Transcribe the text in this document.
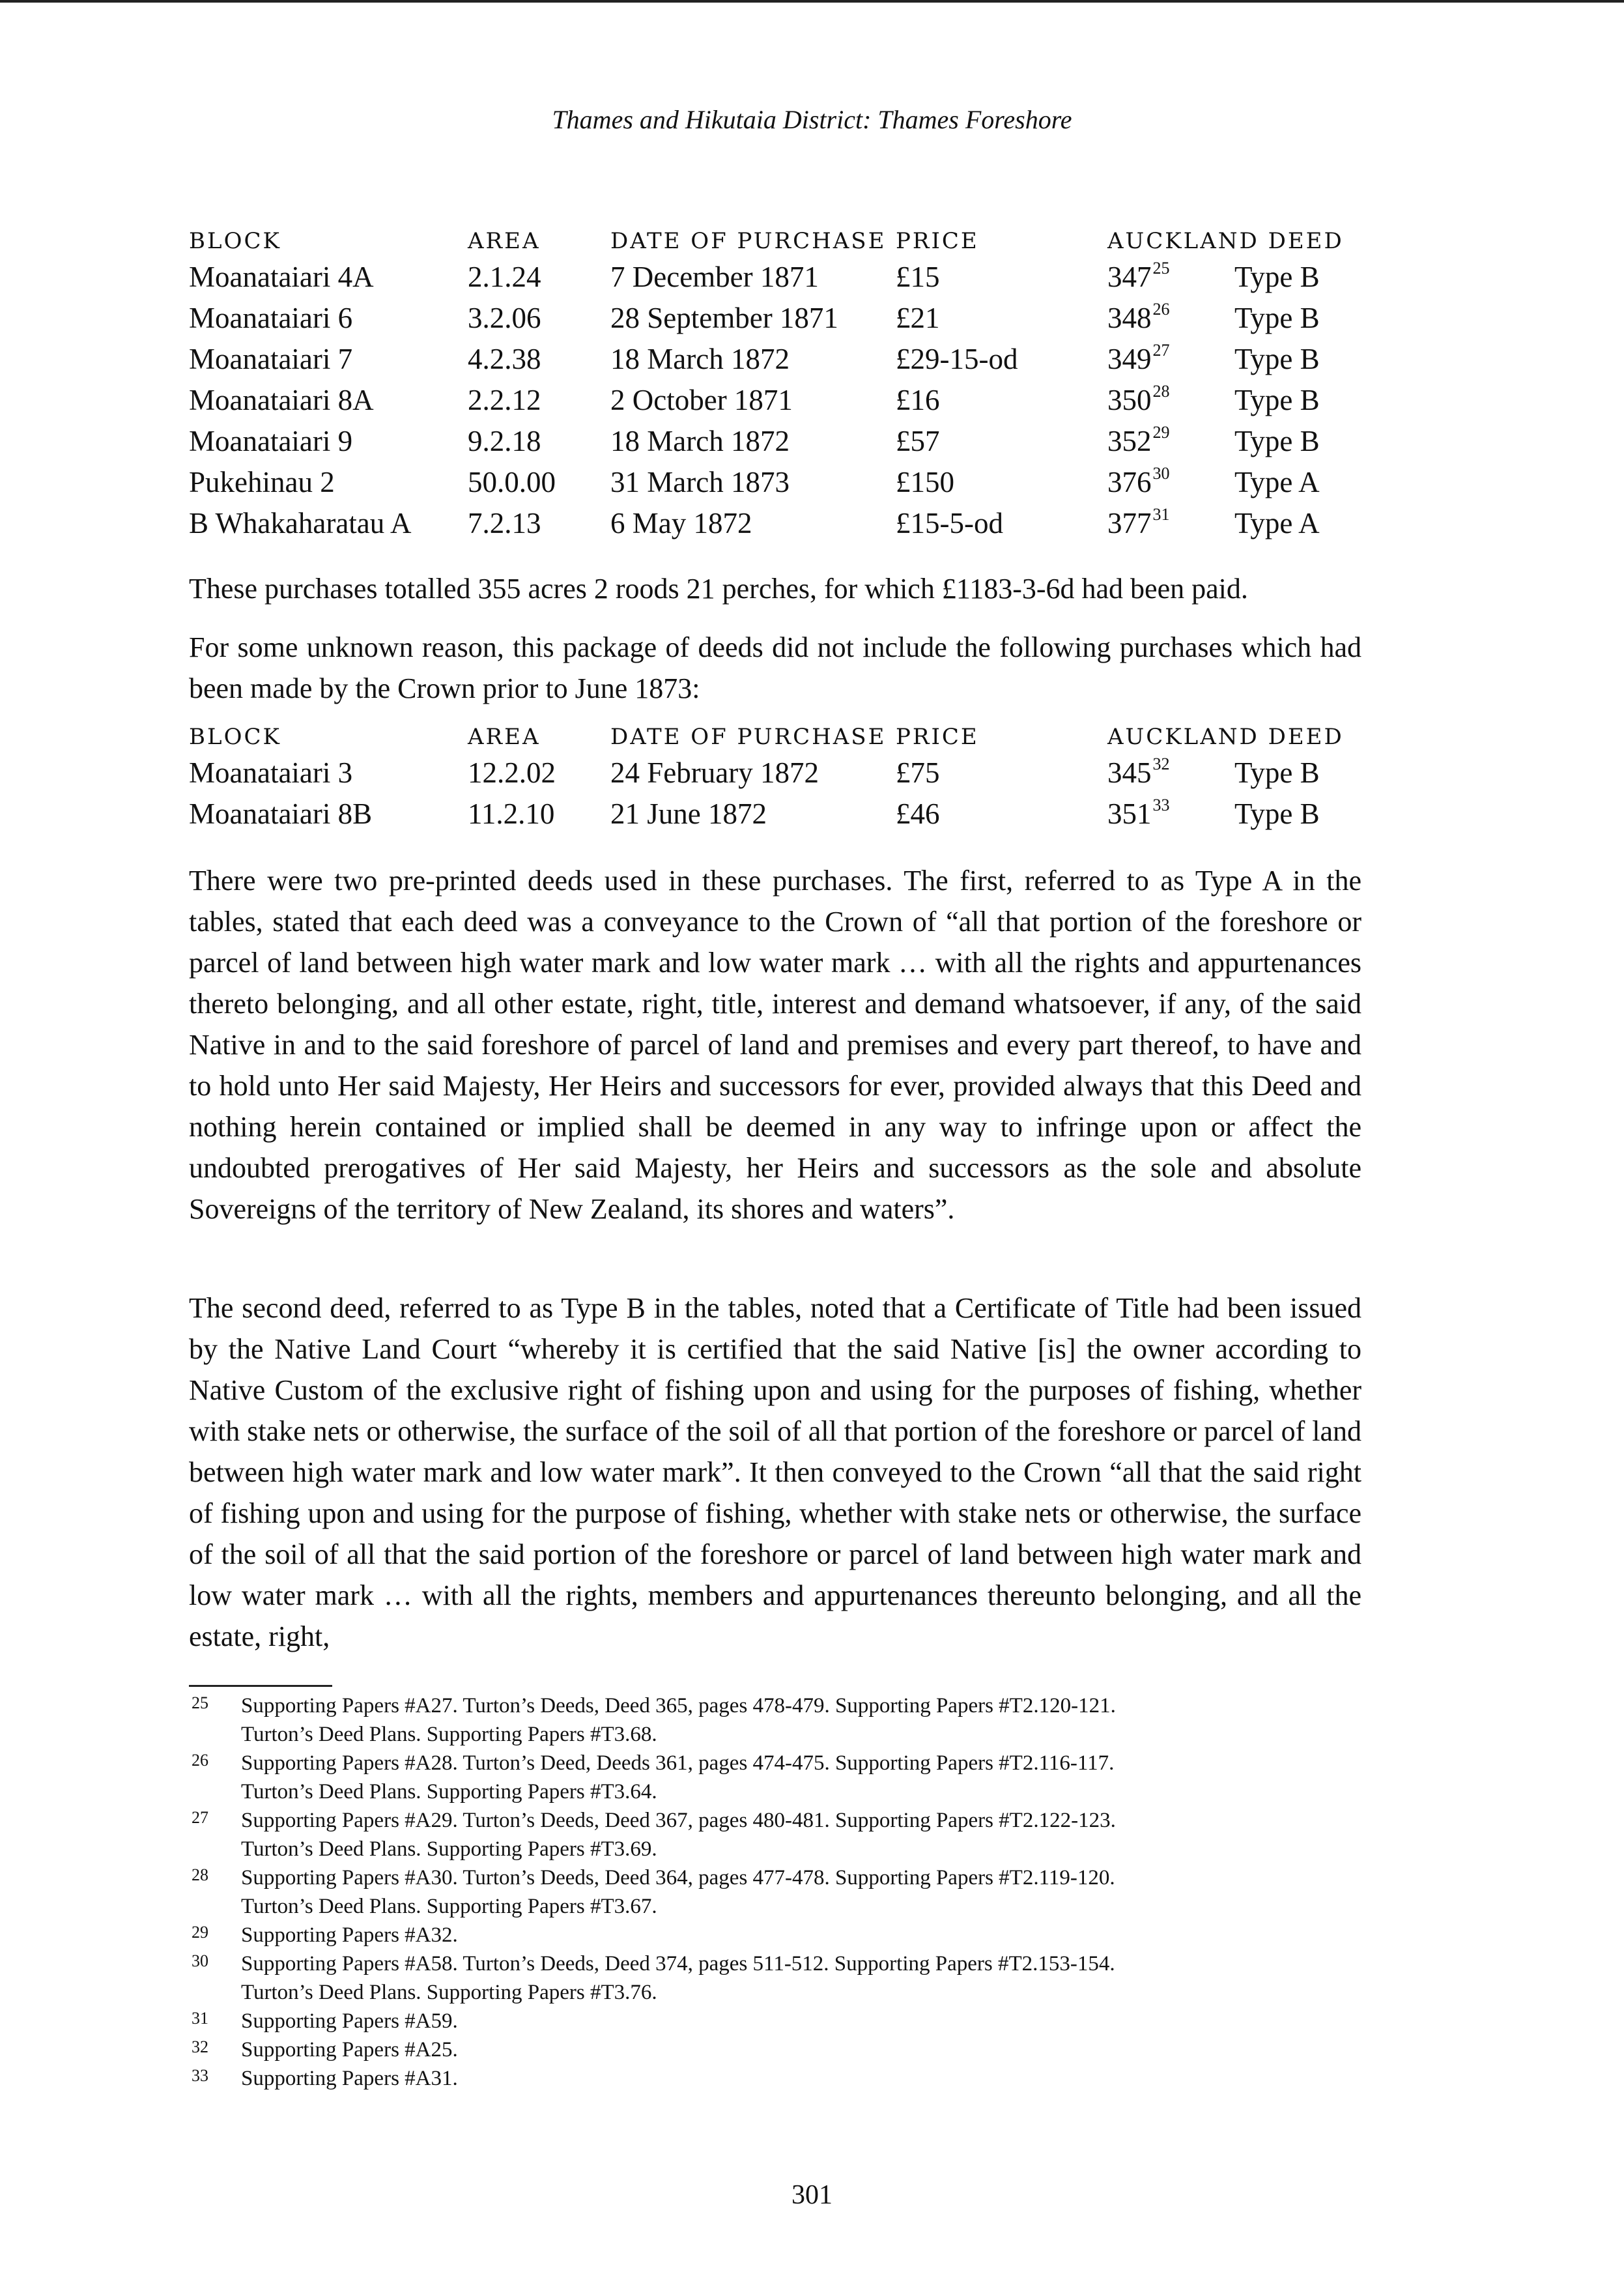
Thames and Hikutaia District: Thames Foreshore
BLOCK	AREA	DATE OF PURCHASE PRICE	AUCKLAND DEED
Moanataiari 4A	2.1.24 7 December 1871	£15	$347^{25}$ Type B
Moanataiari 6	3.2.06 28 September 1871 £21	$348^{26}$ Type B
Moanataiari 7	4.2.38 18 March 1872	£29-15-od	$349^{27}$ Type B
Moanataiari 8A	2.2.12 2 October 1871	£16	$350^{28}$ Type B
Moanataiari 9	9.2.18 18 March 1872	£57	$352^{29}$ Type B
Pukehinau 2	50.0.00 31 March 1873	£150	$376^{30}$ Type A
B Whakaharatau A 7.2.13 6 May 1872	£15-5-od	$377^{31}$ Type A

These purchases totalled 355 acres 2 roods 21 perches, for which £1183-3-6d had been paid.

For some unknown reason, this package of deeds did not include the following purchases which had been made by the Crown prior to June 1873:

BLOCK	AREA	DATE OF PURCHASE PRICE	AUCKLAND DEED
Moanataiari 3	12.2.02 24 February 1872	£75	$345^{32}$ Type B
Moanataiari 8B	11.2.10 21 June 1872	£46	$351^{33}$ Type B

There were two pre-printed deeds used in these purchases. The first, referred to as Type A in the tables, stated that each deed was a conveyance to the Crown of “all that portion of the foreshore or parcel of land between high water mark and low water mark … with all the rights and appurtenances thereto belonging, and all other estate, right, title, interest and demand whatsoever, if any, of the said Native in and to the said foreshore of parcel of land and premises and every part thereof, to have and to hold unto Her said Majesty, Her Heirs and successors for ever, provided always that this Deed and nothing herein contained or implied shall be deemed in any way to infringe upon or affect the undoubted prerogatives of Her said Majesty, her Heirs and successors as the sole and absolute Sovereigns of the territory of New Zealand, its shores and waters”.

The second deed, referred to as Type B in the tables, noted that a Certificate of Title had been issued by the Native Land Court “whereby it is certified that the said Native [is] the owner according to Native Custom of the exclusive right of fishing upon and using for the purposes of fishing, whether with stake nets or otherwise, the surface of the soil of all that portion of the foreshore or parcel of land between high water mark and low water mark”. It then conveyed to the Crown “all that the said right of fishing upon and using for the purpose of fishing, whether with stake nets or otherwise, the surface of the soil of all that the said portion of the foreshore or parcel of land between high water mark and low water mark … with all the rights, members and appurtenances thereunto belonging, and all the estate, right,

25 Supporting Papers #A27. Turton’s Deeds, Deed 365, pages 478-479. Supporting Papers #T2.120-121.
Turton’s Deed Plans. Supporting Papers #T3.68.
26 Supporting Papers #A28. Turton’s Deed, Deeds 361, pages 474-475. Supporting Papers #T2.116-117.
Turton’s Deed Plans. Supporting Papers #T3.64.
27 Supporting Papers #A29. Turton’s Deeds, Deed 367, pages 480-481. Supporting Papers #T2.122-123.
Turton’s Deed Plans. Supporting Papers #T3.69.
28 Supporting Papers #A30. Turton’s Deeds, Deed 364, pages 477-478. Supporting Papers #T2.119-120.
Turton’s Deed Plans. Supporting Papers #T3.67.
29 Supporting Papers #A32.
30 Supporting Papers #A58. Turton’s Deeds, Deed 374, pages 511-512. Supporting Papers #T2.153-154.
Turton’s Deed Plans. Supporting Papers #T3.76.
31 Supporting Papers #A59.
32 Supporting Papers #A25.
33 Supporting Papers #A31.
301
